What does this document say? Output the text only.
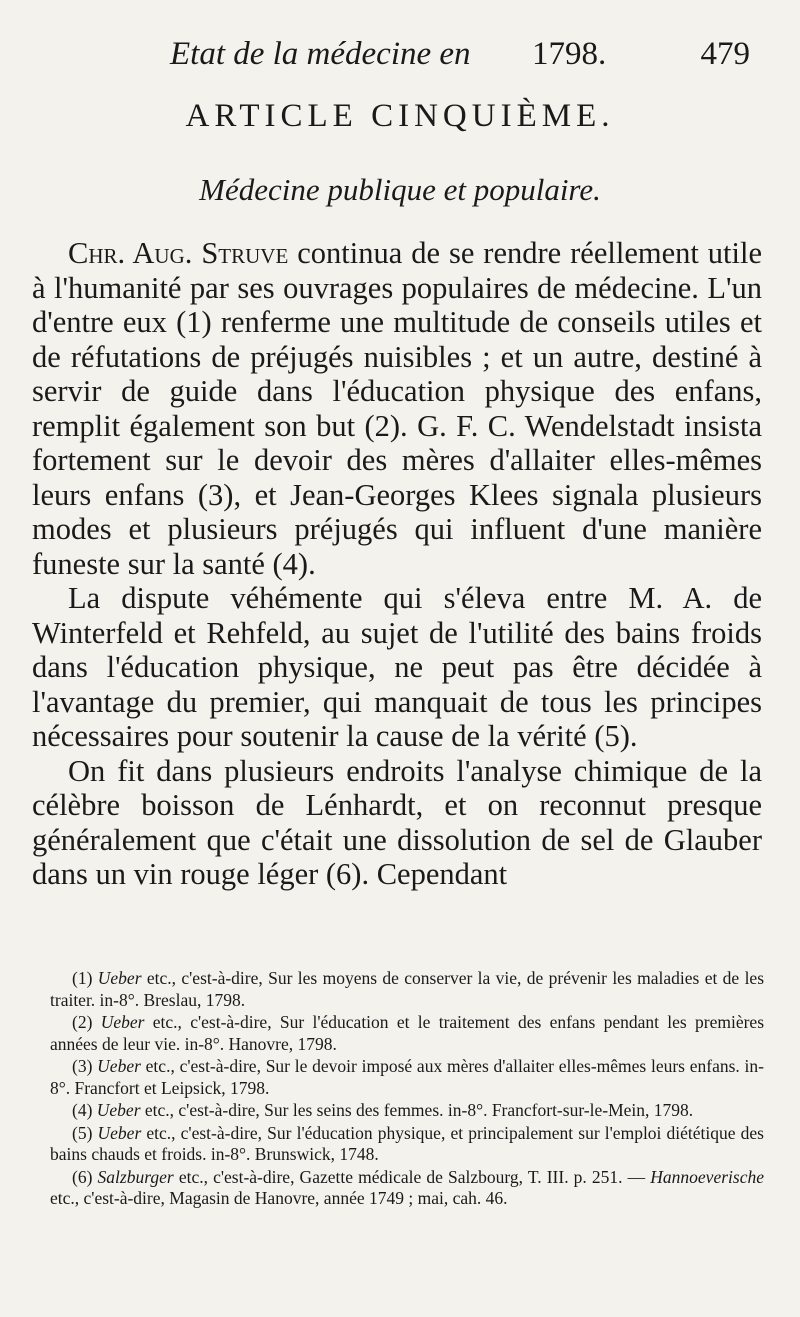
Etat de la médecine en 1798.	479
ARTICLE CINQUIÈME.
Médecine publique et populaire.

Chr. Aug. Struve continua de se rendre réellement utile à l'humanité par ses ouvrages populaires de médecine. L'un d'entre eux (1) renferme une multitude de conseils utiles et de réfutations de préjugés nuisibles ; et un autre, destiné à servir de guide dans l'éducation physique des enfans, remplit également son but (2). G. F. C. Wendelstadt insista fortement sur le devoir des mères d'allaiter elles-mêmes leurs enfans (3), et Jean-Georges Klees signala plusieurs modes et plusieurs préjugés qui influent d'une manière funeste sur la santé (4).

La dispute véhémente qui s'éleva entre M. A. de Winterfeld et Rehfeld, au sujet de l'utilité des bains froids dans l'éducation physique, ne peut pas être décidée à l'avantage du premier, qui manquait de tous les principes nécessaires pour soutenir la cause de la vérité (5).

On fit dans plusieurs endroits l'analyse chimique de la célèbre boisson de Lénhardt, et on reconnut presque généralement que c'était une dissolution de sel de Glauber dans un vin rouge léger (6). Cependant

(1) Ueber etc., c'est-à-dire, Sur les moyens de conserver la vie, de prévenir les maladies et de les traiter. in-8°. Breslau, 1798.

(2) Ueber etc., c'est-à-dire, Sur l'éducation et le traitement des enfans pendant les premières années de leur vie. in-8°. Hanovre, 1798.

(3) Ueber etc., c'est-à-dire, Sur le devoir imposé aux mères d'allaiter elles-mêmes leurs enfans. in-8°. Francfort et Leipsick, 1798.

(4) Ueber etc., c'est-à-dire, Sur les seins des femmes. in-8°. Francfort-sur-le-Mein, 1798.

(5) Ueber etc., c'est-à-dire, Sur l'éducation physique, et principalement sur l'emploi diététique des bains chauds et froids. in-8°. Brunswick, 1748.

(6) Salzburger etc., c'est-à-dire, Gazette médicale de Salzbourg, T. III. p. 251. — Hannoeverische etc., c'est-à-dire, Magasin de Hanovre, année 1749 ; mai, cah. 46.
